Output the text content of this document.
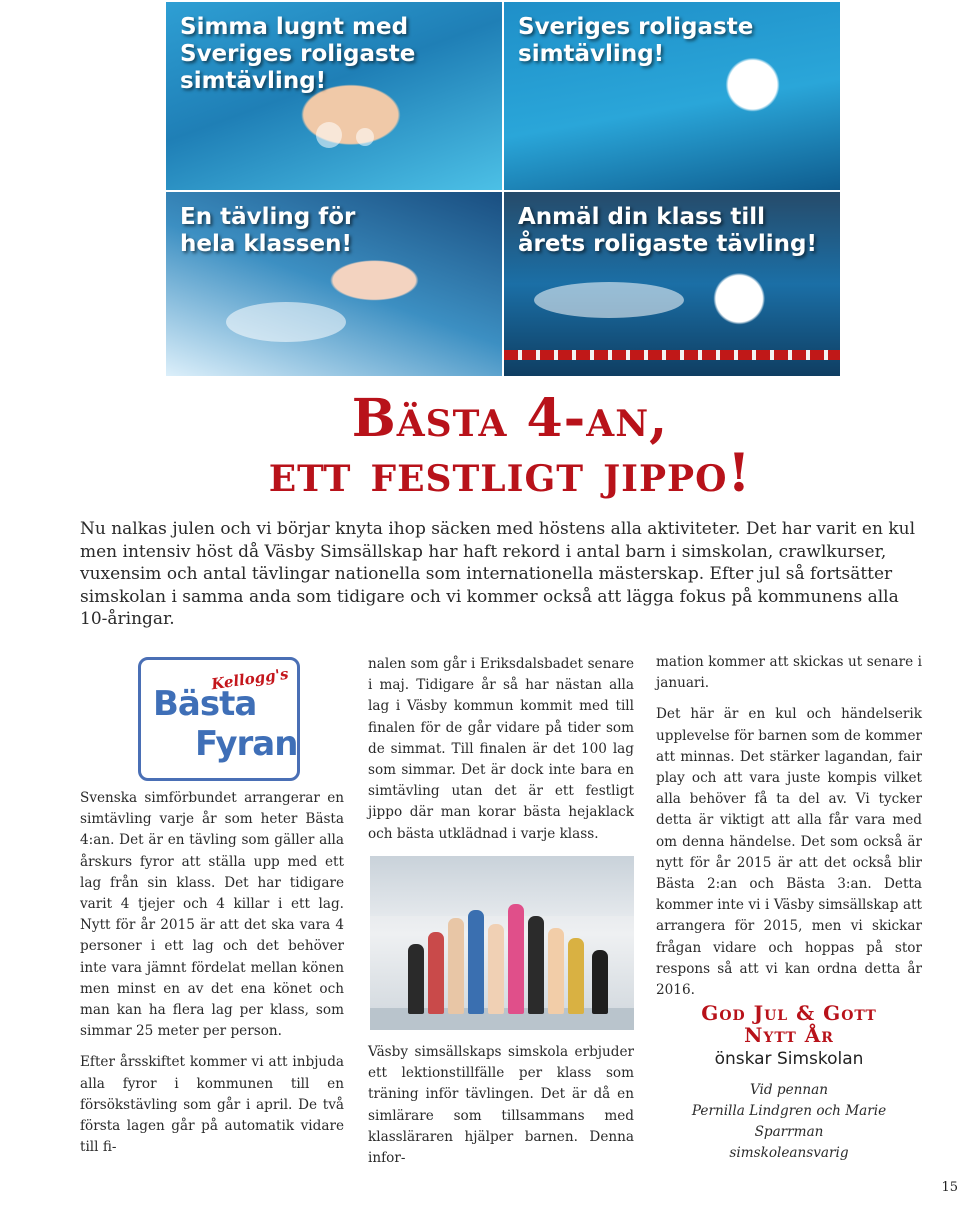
Simma lugnt med
Sveriges roligaste
simtävling!
Sveriges roligaste
simtävling!
En tävling för
hela klassen!
Anmäl din klass till
årets roligaste tävling!
Bästa 4-an,
ett festligt jippo!

Nu nalkas julen och vi börjar knyta ihop säcken med höstens alla aktiviteter. Det har varit en kul men intensiv höst då Väsby Simsällskap har haft rekord i antal barn i simskolan, crawlkurser, vuxensim och antal tävlingar nationella som internationella mästerskap. Efter jul så fortsätter simskolan i samma anda som tidigare och vi kommer också att lägga fokus på kommunens alla 10-åringar.

Kellogg's
Bästa
Fyran

Svenska simförbundet arrangerar en simtävling varje år som heter Bästa 4:an. Det är en tävling som gäller alla årskurs fyror att ställa upp med ett lag från sin klass. Det har tidigare varit 4 tjejer och 4 killar i ett lag. Nytt för år 2015 är att det ska vara 4 personer i ett lag och det behöver inte vara jämnt fördelat mellan könen men minst en av det ena könet och man kan ha flera lag per klass, som simmar 25 meter per person.

Efter årsskiftet kommer vi att inbjuda alla fyror i kommunen till en försökstävling som går i april. De två första lagen går på automatik vidare till fi-

nalen som går i Eriksdalsbadet senare i maj. Tidigare år så har nästan alla lag i Väsby kommun kommit med till finalen för de går vidare på tider som de simmat. Till finalen är det 100 lag som simmar. Det är dock inte bara en simtävling utan det är ett festligt jippo där man korar bästa hejaklack och bästa utklädnad i varje klass.

Väsby simsällskaps simskola erbjuder ett lektionstillfälle per klass som träning inför tävlingen. Det är då en simlärare som tillsammans med klassläraren hjälper barnen. Denna infor-

mation kommer att skickas ut senare i januari.

Det här är en kul och händelserik upplevelse för barnen som de kommer att minnas. Det stärker lagandan, fair play och att vara juste kompis vilket alla behöver få ta del av. Vi tycker detta är viktigt att alla får vara med om denna händelse. Det som också är nytt för år 2015 är att det också blir Bästa 2:an och Bästa 3:an. Detta kommer inte vi i Väsby simsällskap att arrangera för 2015, men vi skickar frågan vidare och hoppas på stor respons så att vi kan ordna detta år 2016.

God Jul & Gott
Nytt År
önskar Simskolan
Vid pennan
Pernilla Lindgren och Marie Sparrman
simskoleansvarig
15
